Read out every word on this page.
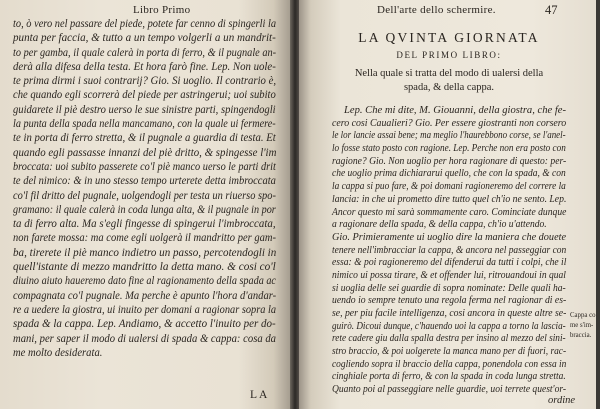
Libro Primo
to, ò vero nel passare del piede, potete far cenno di spingerli la
punta per faccia, & tutto a un tempo volgerli a un mandrit-
to per gamba, il quale calerà in porta di ferro, & il pugnale an-
derà alla difesa della testa. Et hora farò fine. Lep. Non uole-
te prima dirmi i suoi contrarij? Gio. Si uoglio. Il contrario è,
che quando egli scorrerà del piede per astringerui; uoi subito
guidarete il piè destro uerso le sue sinistre parti, spingendogli
la punta della spada nella mancamano, con la quale ui fermere-
te in porta di ferro stretta, & il pugnale a guardia di testa. Et
quando egli passasse innanzi del piè dritto, & spingesse l'im
broccata: uoi subito passerete co'l piè manco uerso le parti drit
te del nimico: & in uno stesso tempo urterete detta imbroccata
co'l fil dritto del pugnale, uolgendogli per testa un riuerso spo-
gramano: il quale calerà in coda lunga alta, & il pugnale in por
ta di ferro alta. Ma s'egli fingesse di spingerui l'imbroccata,
non farete mossa: ma come egli uolgerà il mandritto per gam-
ba, tirerete il piè manco indietro un passo, percotendogli in
quell'istante di mezzo mandritto la detta mano. & cosi co'l
diuino aiuto haueremo dato fine al ragionamento della spada ac
compagnata co'l pugnale. Ma perche è apunto l'hora d'andar-
re a uedere la giostra, ui inuito per domani a ragionar sopra la
spada & la cappa. Lep. Andiamo, & accetto l'inuito per do-
mani, per saper il modo di ualersi di spada & cappa: cosa da
me molto desiderata.
LA
Dell'arte dello schermire.	47
LA QVINTA GIORNATA
DEL PRIMO LIBRO:
Nella quale si tratta del modo di ualersi della
spada, & della cappa.
Lep. Che mi dite, M. Giouanni, della giostra, che fe-
cero cosi Caualieri? Gio. Per essere giostranti non corsero
le lor lancie assai bene; ma meglio l'haurebbono corse, se l'anel-
lo fosse stato posto con ragione. Lep. Perche non era posto con
ragione? Gio. Non uoglio per hora ragionare di questo: per-
che uoglio prima dichiararui quello, che con la spada, & con
la cappa si puo fare, & poi domani ragioneremo del correre la
lancia: in che ui prometto dire tutto quel ch'io ne sento. Lep.
Ancor questo mi sarà sommamente caro. Cominciate dunque
a ragionare della spada, & della cappa, ch'io u'attendo.
Gio. Primieramente ui uoglio dire la maniera che douete
tenere nell'imbracciar la cappa, & ancora nel passeggiar con
essa: & poi ragioneremo del difenderui da tutti i colpi, che il
nimico ui possa tirare, & et offender lui, ritrouandoui in qual
si uoglia delle sei guardie di sopra nominate: Delle quali ha-
uendo io sempre tenuto una regola ferma nel ragionar di es-
se, per piu facile intelligenza, cosi ancora in queste altre se-
guirò. Dicoui dunque, c'hauendo uoi la cappa a torno la lascia-
rete cadere giu dalla spalla destra per insino al mezzo del sini-
stro braccio, & poi uolgerete la manca mano per di fuori, rac-
cogliendo sopra il braccio della cappa, ponendola con essa in
cinghiale porta di ferro, & con la spada in coda lunga stretta.
Quanto poi al passeggiare nelle guardie, uoi terrete quest'or-
Cappa co
me s'im-
braccia.
ordine
